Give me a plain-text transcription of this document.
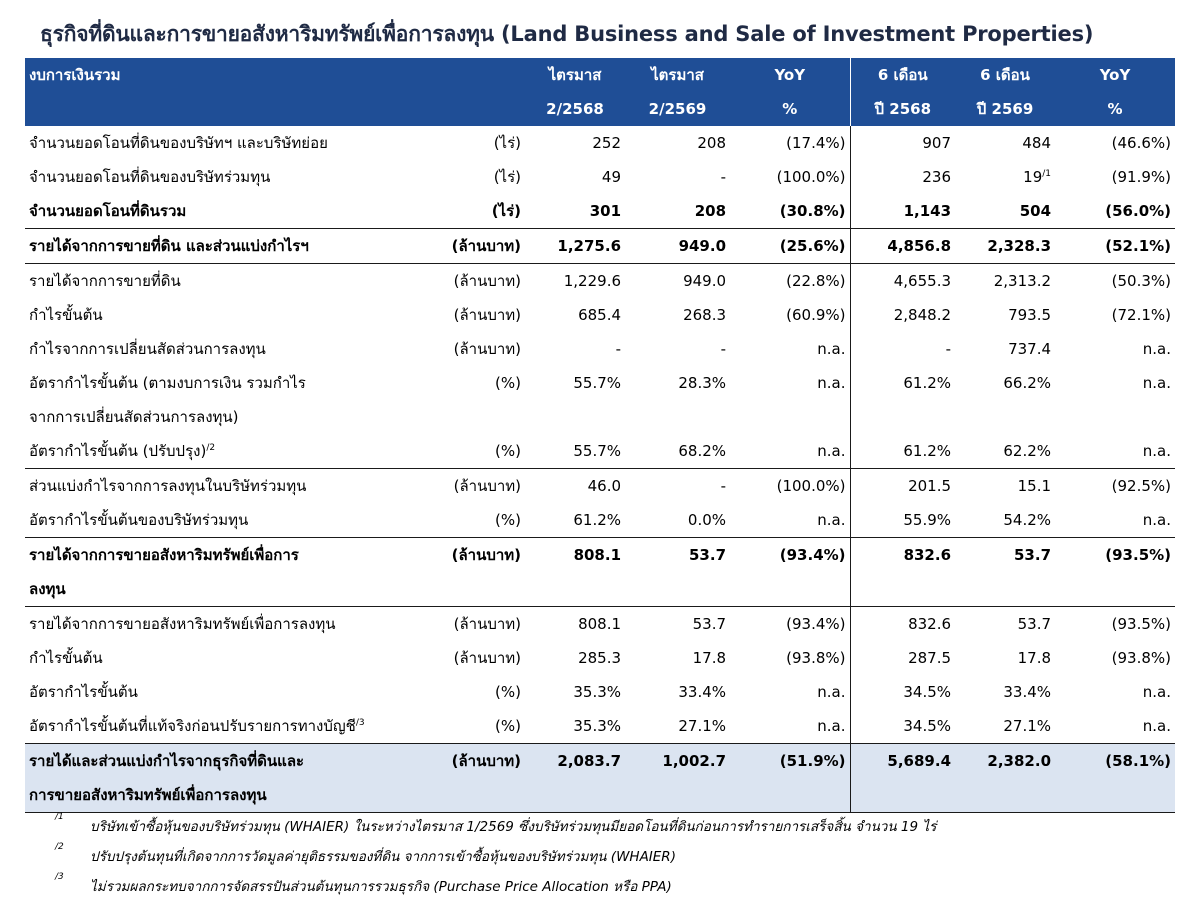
ธุรกิจที่ดินและการขายอสังหาริมทรัพย์เพื่อการลงทุน (Land Business and Sale of Investment Properties)
งบการเงินรวม		ไตรมาส	ไตรมาส	YoY	6 เดือน	6 เดือน	YoY
		2/2568	2/2569	%	ปี 2568	ปี 2569	%
จำนวนยอดโอนที่ดินของบริษัทฯ และบริษัทย่อย	(ไร่)	252	208	(17.4%)	907	484	(46.6%)
จำนวนยอดโอนที่ดินของบริษัทร่วมทุน	(ไร่)	49	-	(100.0%)	236	$19^{/1}$	(91.9%)
จำนวนยอดโอนที่ดินรวม	(ไร่)	301	208	(30.8%)	1,143	504	(56.0%)
รายได้จากการขายที่ดิน และส่วนแบ่งกำไรฯ	(ล้านบาท)	1,275.6	949.0	(25.6%)	4,856.8	2,328.3	(52.1%)
รายได้จากการขายที่ดิน	(ล้านบาท)	1,229.6	949.0	(22.8%)	4,655.3	2,313.2	(50.3%)
กำไรขั้นต้น	(ล้านบาท)	685.4	268.3	(60.9%)	2,848.2	793.5	(72.1%)
กำไรจากการเปลี่ยนสัดส่วนการลงทุน	(ล้านบาท)	-	-	n.a.	-	737.4	n.a.
อัตรากำไรขั้นต้น (ตามงบการเงิน รวมกำไร
จากการเปลี่ยนสัดส่วนการลงทุน)	(%)	55.7%	28.3%	n.a.	61.2%	66.2%	n.a.
อัตรากำไรขั้นต้น (ปรับปรุง)$^{/2}$	(%)	55.7%	68.2%	n.a.	61.2%	62.2%	n.a.
ส่วนแบ่งกำไรจากการลงทุนในบริษัทร่วมทุน	(ล้านบาท)	46.0	-	(100.0%)	201.5	15.1	(92.5%)
อัตรากำไรขั้นต้นของบริษัทร่วมทุน	(%)	61.2%	0.0%	n.a.	55.9%	54.2%	n.a.
รายได้จากการขายอสังหาริมทรัพย์เพื่อการ
ลงทุน	(ล้านบาท)	808.1	53.7	(93.4%)	832.6	53.7	(93.5%)
รายได้จากการขายอสังหาริมทรัพย์เพื่อการลงทุน	(ล้านบาท)	808.1	53.7	(93.4%)	832.6	53.7	(93.5%)
กำไรขั้นต้น	(ล้านบาท)	285.3	17.8	(93.8%)	287.5	17.8	(93.8%)
อัตรากำไรขั้นต้น	(%)	35.3%	33.4%	n.a.	34.5%	33.4%	n.a.
อัตรากำไรขั้นต้นที่แท้จริงก่อนปรับรายการทางบัญชี$^{/3}$	(%)	35.3%	27.1%	n.a.	34.5%	27.1%	n.a.
รายได้และส่วนแบ่งกำไรจากธุรกิจที่ดินและ
การขายอสังหาริมทรัพย์เพื่อการลงทุน	(ล้านบาท)	2,083.7	1,002.7	(51.9%)	5,689.4	2,382.0	(58.1%)
/1
บริษัทเข้าซื้อหุ้นของบริษัทร่วมทุน (WHAIER) ในระหว่างไตรมาส 1/2569 ซึ่งบริษัทร่วมทุนมียอดโอนที่ดินก่อนการทำรายการเสร็จสิ้น จำนวน 19 ไร่
/2
ปรับปรุงต้นทุนที่เกิดจากการวัดมูลค่ายุติธรรมของที่ดิน จากการเข้าซื้อหุ้นของบริษัทร่วมทุน (WHAIER)
/3
ไม่รวมผลกระทบจากการจัดสรรปันส่วนต้นทุนการรวมธุรกิจ (Purchase Price Allocation หรือ PPA)
